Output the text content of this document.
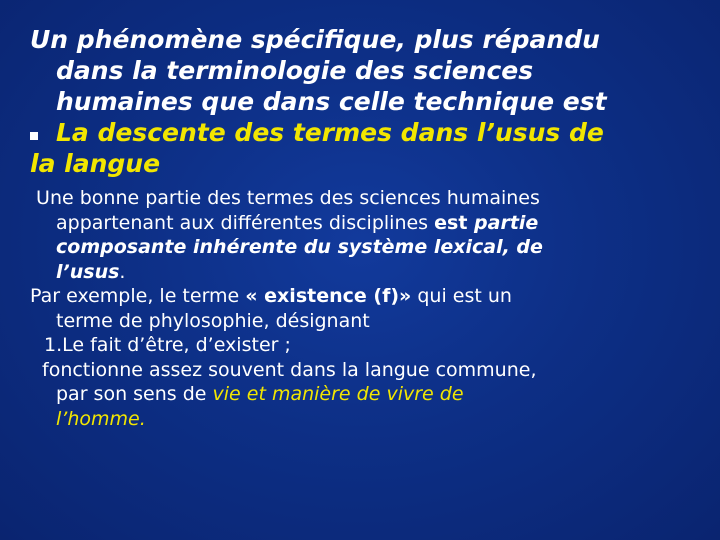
Un phénomène spécifique, plus répandu
dans la terminologie des sciences
humaines que dans celle technique est
La descente des termes dans l’usus de
la langue
Une bonne partie des termes des sciences humaines
appartenant aux différentes disciplines est partie
composante inhérente du système lexical, de
l’usus.
Par exemple, le terme « existence (f)» qui est un
terme de phylosophie, désignant
1.Le fait d’être, d’exister ;
fonctionne assez souvent dans la langue commune,
par son sens de vie et manière de vivre de
l’homme.
